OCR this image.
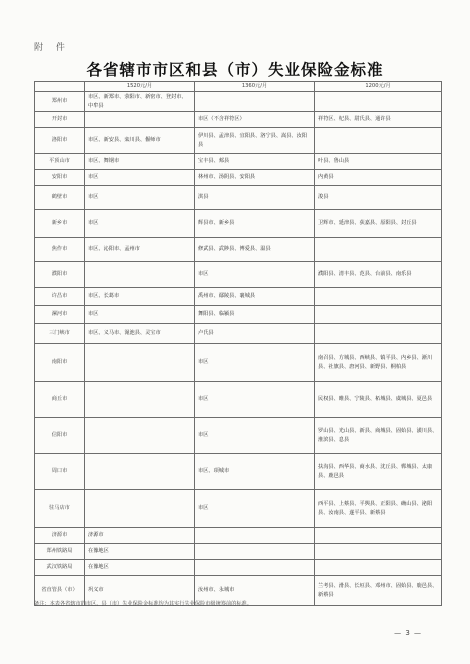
附 件
各省辖市市区和县（市）失业保险金标准
	1520元/月	1360元/月	1200元/月
郑州市	市区、新郑市、荥阳市、新密市、登封市、中牟县		
开封市		市区（不含祥符区）	祥符区、杞县、尉氏县、通许县
洛阳市	市区、新安县、栾川县、偃师市	伊川县、孟津县、宜阳县、洛宁县、嵩县、汝阳县	
平顶山市	市区、舞钢市	宝丰县、郏县	叶县、鲁山县
安阳市	市区	林州市、汤阴县、安阳县	内黄县
鹤壁市	市区	淇县	浚县
新乡市	市区	辉县市、新乡县	卫辉市、延津县、获嘉县、原阳县、封丘县
焦作市	市区、沁阳市、孟州市	修武县、武陟县、博爱县、温县	
濮阳市		市区	濮阳县、清丰县、范县、台前县、南乐县
许昌市	市区、长葛市	禹州市、鄢陵县、襄城县	
漯河市	市区	舞阳县、临颍县	
三门峡市	市区、义马市、渑池县、灵宝市	卢氏县	
南阳市		市区	南召县、方城县、西峡县、镇平县、内乡县、淅川县、社旗县、唐河县、新野县、桐柏县
商丘市		市区	民权县、睢县、宁陵县、柘城县、虞城县、夏邑县
信阳市		市区	罗山县、光山县、新县、商城县、固始县、潢川县、淮滨县、息县
周口市		市区、项城市	扶沟县、西华县、商水县、沈丘县、郸城县、太康县、鹿邑县
驻马店市		市区	西平县、上蔡县、平舆县、正阳县、确山县、泌阳县、汝南县、遂平县、新蔡县
济源市	济源市		
郑州铁路局	在豫地区		
武汉铁路局	在豫地区		
省直管县（市）	巩义市	汝州市、永城市	兰考县、滑县、长垣县、邓州市、固始县、鹿邑县、新蔡县
备注：本表各省辖市的市区、县（市）失业保险金标准均为其实行失业保险市级统筹前的标准。
— 3 —
